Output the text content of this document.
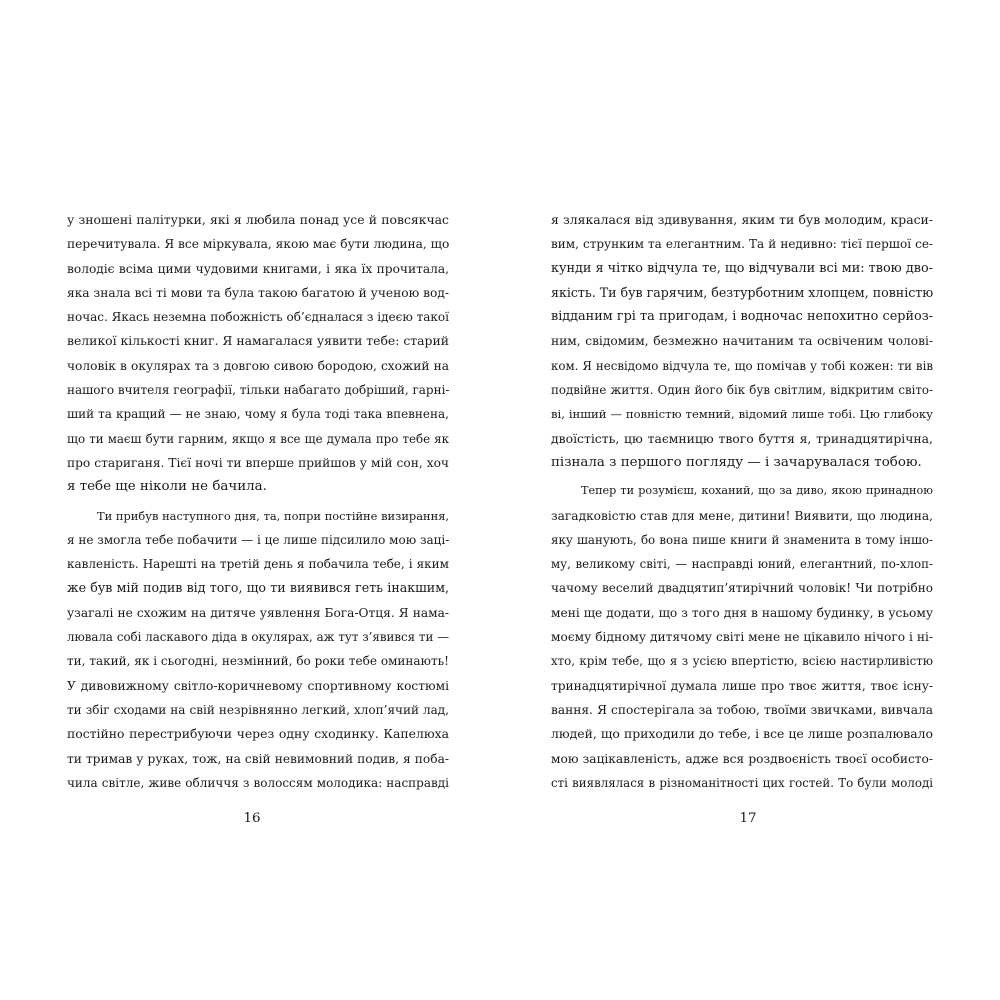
у зношені палітурки, які я любила понад усе й повсякчас
перечитувала. Я все міркувала, якою має бути людина, що
володіє всіма цими чудовими книгами, і яка їх прочитала,
яка знала всі ті мови та була такою багатою й ученою вод-
ночас. Якась неземна побожність об’єдналася з ідеєю такої
великої кількості книг. Я намагалася уявити тебе: старий
чоловік в окулярах та з довгою сивою бородою, схожий на
нашого вчителя географії, тільки набагато добріший, гарні-
ший та кращий — не знаю, чому я була тоді така впевнена,
що ти маєш бути гарним, якщо я все ще думала про тебе як
про стариганя. Тієї ночі ти вперше прийшов у мій сон, хоч
я тебе ще ніколи не бачила.
Ти прибув наступного дня, та, попри постійне визирання,
я не змогла тебе побачити — і це лише підсилило мою заці-
кавленість. Нарешті на третій день я побачила тебе, і яким
же був мій подив від того, що ти виявився геть інакшим,
узагалі не схожим на дитяче уявлення Бога-Отця. Я нама-
лювала собі ласкавого діда в окулярах, аж тут з’явився ти —
ти, такий, як і сьогодні, незмінний, бо роки тебе оминають!
У дивовижному світло-коричневому спортивному костюмі
ти збіг сходами на свій незрівнянно легкий, хлоп’ячий лад,
постійно перестрибуючи через одну сходинку. Капелюха
ти тримав у руках, тож, на свій невимовний подив, я поба-
чила світле, живе обличчя з волоссям молодика: насправді
16
я злякалася від здивування, яким ти був молодим, краси-
вим, струнким та елегантним. Та й недивно: тієї першої се-
кунди я чітко відчула те, що відчували всі ми: твою дво-
якість. Ти був гарячим, безтурботним хлопцем, повністю
відданим грі та пригодам, і водночас непохитно серйоз-
ним, свідомим, безмежно начитаним та освіченим чолові-
ком. Я несвідомо відчула те, що помічав у тобі кожен: ти вів
подвійне життя. Один його бік був світлим, відкритим світо-
ві, інший — повністю темний, відомий лише тобі. Цю глибоку
двоїстість, цю таємницю твого буття я, тринадцятирічна,
пізнала з першого погляду — і зачарувалася тобою.
Тепер ти розумієш, коханий, що за диво, якою принадною
загадковістю став для мене, дитини! Виявити, що людина,
яку шанують, бо вона пише книги й знаменита в тому іншо-
му, великому світі, — насправді юний, елегантний, по-хлоп-
чачому веселий двадцятип’ятирічний чоловік! Чи потрібно
мені ще додати, що з того дня в нашому будинку, в усьому
моєму бідному дитячому світі мене не цікавило нічого і ні-
хто, крім тебе, що я з усією впертістю, всією настирливістю
тринадцятирічної думала лише про твоє життя, твоє існу-
вання. Я спостерігала за тобою, твоїми звичками, вивчала
людей, що приходили до тебе, і все це лише розпалювало
мою зацікавленість, адже вся роздвоєність твоєї особисто-
сті виявлялася в різноманітності цих гостей. То були молоді
17
